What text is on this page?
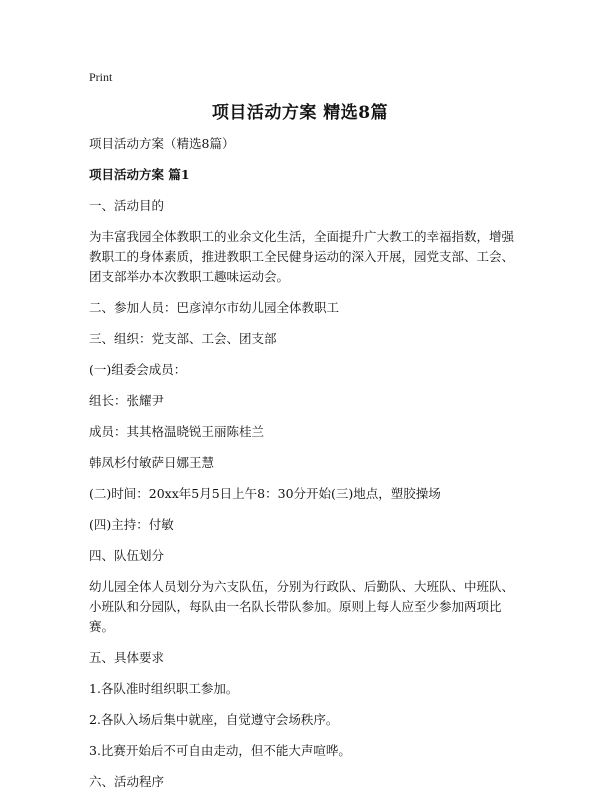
Print
项目活动方案 精选8篇

项目活动方案（精选8篇）

项目活动方案 篇1

一、活动目的

为丰富我园全体教职工的业余文化生活，全面提升广大教工的幸福指数，增强教职工的身体素质，推进教职工全民健身运动的深入开展，园党支部、工会、团支部举办本次教职工趣味运动会。

二、参加人员：巴彦淖尔市幼儿园全体教职工

三、组织：党支部、工会、团支部

(一)组委会成员：

组长：张耀尹

成员：其其格温晓锐王丽陈桂兰

韩凤杉付敏萨日娜王慧

(二)时间：20xx年5月5日上午8：30分开始(三)地点，塑胶操场

(四)主持：付敏

四、队伍划分

幼儿园全体人员划分为六支队伍，分别为行政队、后勤队、大班队、中班队、小班队和分园队，每队由一名队长带队参加。原则上每人应至少参加两项比赛。

五、具体要求

1.各队准时组织职工参加。

2.各队入场后集中就座，自觉遵守会场秩序。

3.比赛开始后不可自由走动，但不能大声喧哗。

六、活动程序
